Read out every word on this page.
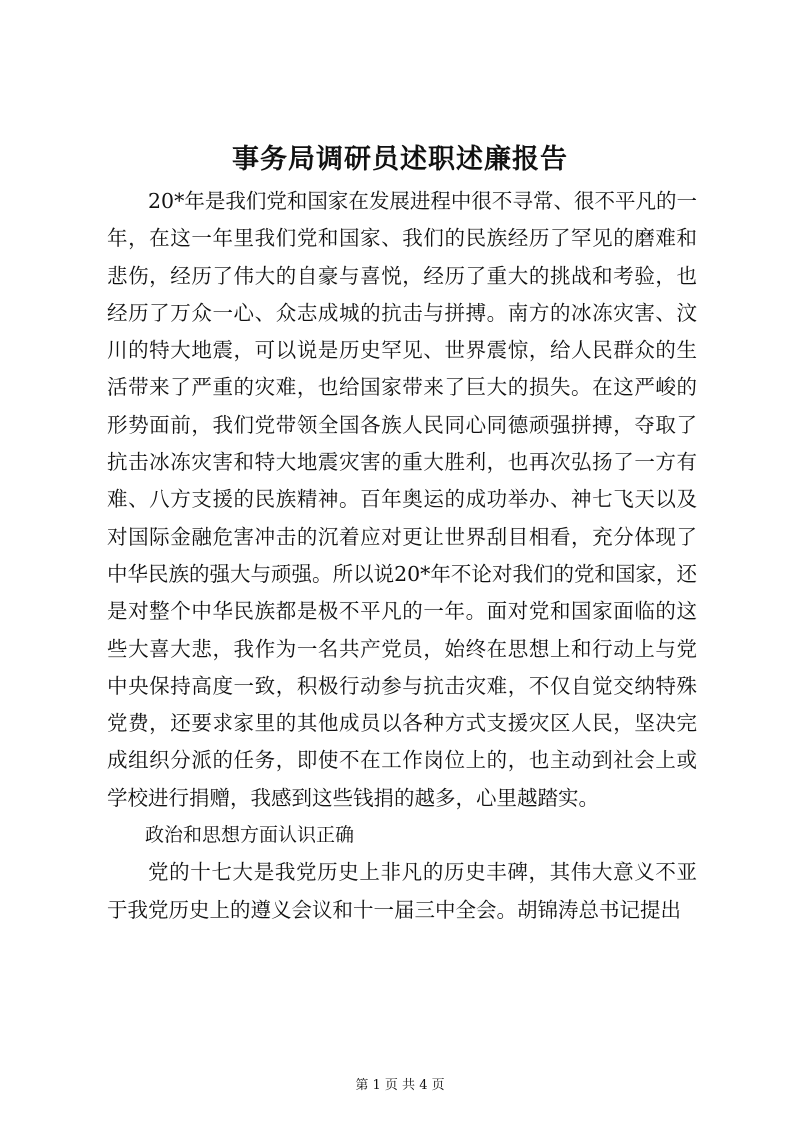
事务局调研员述职述廉报告

20*年是我们党和国家在发展进程中很不寻常、很不平凡的一年，在这一年里我们党和国家、我们的民族经历了罕见的磨难和悲伤，经历了伟大的自豪与喜悦，经历了重大的挑战和考验，也经历了万众一心、众志成城的抗击与拼搏。南方的冰冻灾害、汶川的特大地震，可以说是历史罕见、世界震惊，给人民群众的生活带来了严重的灾难，也给国家带来了巨大的损失。在这严峻的形势面前，我们党带领全国各族人民同心同德顽强拼搏，夺取了抗击冰冻灾害和特大地震灾害的重大胜利，也再次弘扬了一方有难、八方支援的民族精神。百年奥运的成功举办、神七飞天以及对国际金融危害冲击的沉着应对更让世界刮目相看，充分体现了中华民族的强大与顽强。所以说20*年不论对我们的党和国家，还是对整个中华民族都是极不平凡的一年。面对党和国家面临的这些大喜大悲，我作为一名共产党员，始终在思想上和行动上与党中央保持高度一致，积极行动参与抗击灾难，不仅自觉交纳特殊党费，还要求家里的其他成员以各种方式支援灾区人民，坚决完成组织分派的任务，即使不在工作岗位上的，也主动到社会上或学校进行捐赠，我感到这些钱捐的越多，心里越踏实。

政治和思想方面认识正确

党的十七大是我党历史上非凡的历史丰碑，其伟大意义不亚于我党历史上的遵义会议和十一届三中全会。胡锦涛总书记提出

第 1 页 共 4 页
